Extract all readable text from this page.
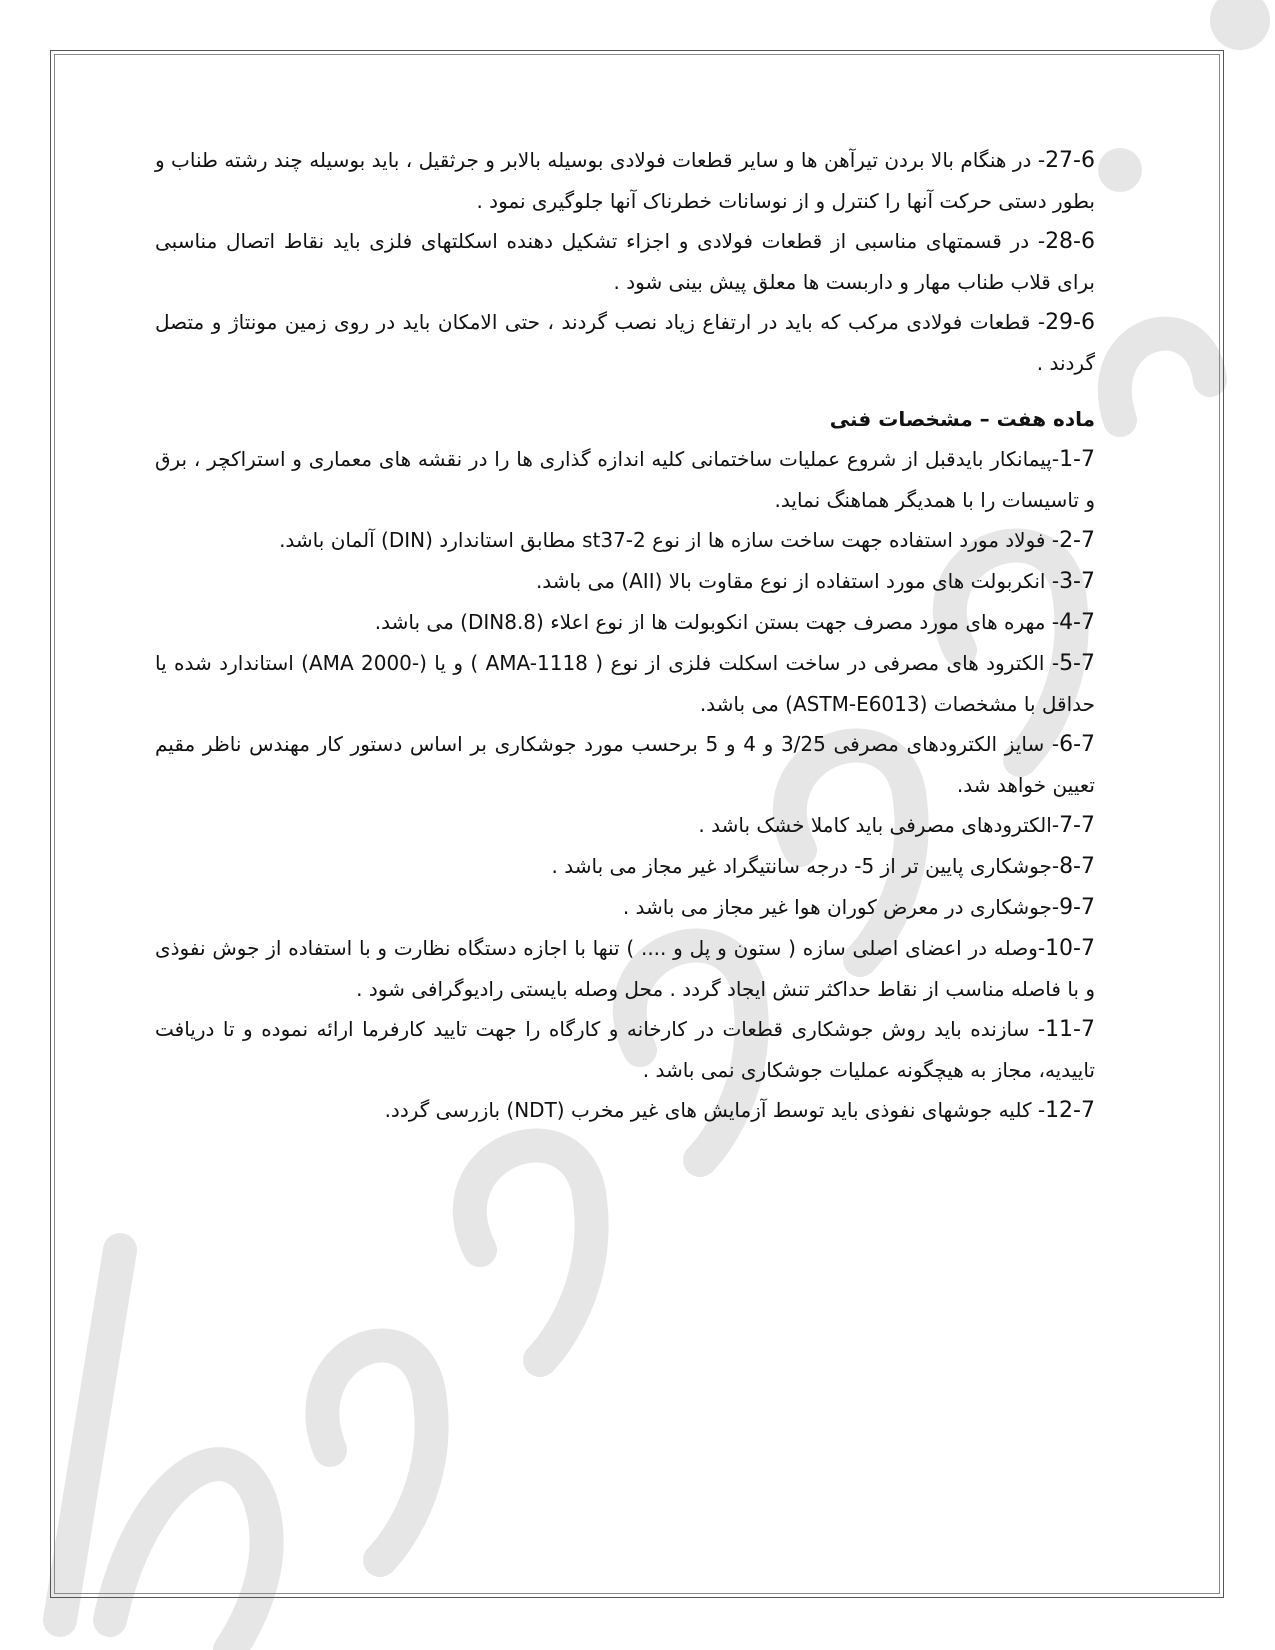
27-6- در هنگام بالا بردن تیرآهن ها و سایر قطعات فولادی بوسیله بالابر و جرثقیل ، باید بوسیله چند رشته طناب و بطور دستی حرکت آنها را کنترل و از نوسانات خطرناک آنها جلوگیری نمود .

28-6- در قسمتهای مناسبی از قطعات فولادی و اجزاء تشکیل دهنده اسکلتهای فلزی باید نقاط اتصال مناسبی برای قلاب طناب مهار و داربست ها معلق پیش بینی شود .

29-6- قطعات فولادی مرکب که باید در ارتفاع زیاد نصب گردند ، حتی الامکان باید در روی زمین مونتاژ و متصل گردند .

ماده هفت – مشخصات فنی

1-7-پیمانکار بایدقبل از شروع عملیات ساختمانی کلیه اندازه گذاری ها را در نقشه های معماری و استراکچر ، برق و تاسیسات را با همدیگر هماهنگ نماید.

2-7- فولاد مورد استفاده جهت ساخت سازه ها از نوع st37-2 مطابق استاندارد (DIN) آلمان باشد.

3-7- انکربولت های مورد استفاده از نوع مقاوت بالا (AII) می باشد.

4-7- مهره های مورد مصرف جهت بستن انکوبولت ها از نوع اعلاء (DIN8.8) می باشد.

5-7- الکترود های مصرفی در ساخت اسکلت فلزی از نوع ( AMA-1118 ) و یا (-AMA 2000) استاندارد شده یا حداقل با مشخصات (ASTM-E6013) می باشد.

6-7- سایز الکترودهای مصرفی 3/25 و 4 و 5 برحسب مورد جوشکاری بر اساس دستور کار مهندس ناظر مقیم تعیین خواهد شد.

7-7-الکترودهای مصرفی باید کاملا خشک باشد .

8-7-جوشکاری پایین تر از 5- درجه سانتیگراد غیر مجاز می باشد .

9-7-جوشکاری در معرض کوران هوا غیر مجاز می باشد .

10-7-وصله در اعضای اصلی سازه ( ستون و پل و .... ) تنها با اجازه دستگاه نظارت و با استفاده از جوش نفوذی و با فاصله مناسب از نقاط حداکثر تنش ایجاد گردد . محل وصله بایستی رادیوگرافی شود .

11-7- سازنده باید روش جوشکاری قطعات در کارخانه و کارگاه را جهت تایید کارفرما ارائه نموده و تا دریافت تاییدیه، مجاز به هیچگونه عملیات جوشکاری نمی باشد .

12-7- کلیه جوشهای نفوذی باید توسط آزمایش های غیر مخرب (NDT) بازرسی گردد.
